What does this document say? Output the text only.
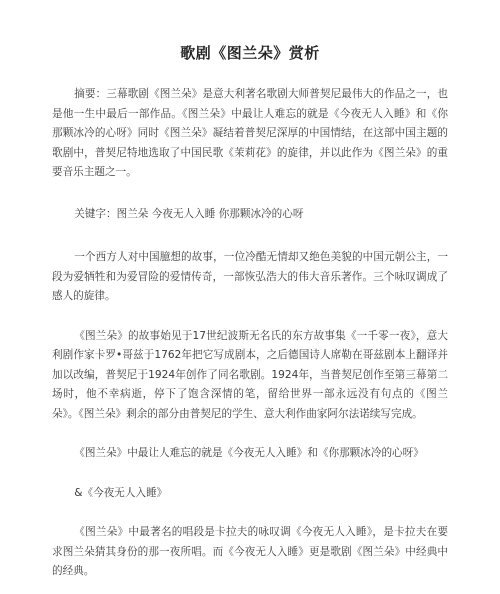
歌剧《图兰朵》赏析

摘要：三幕歌剧《图兰朵》是意大利著名歌剧大师普契尼最伟大的作品之一，也是他一生中最后一部作品。《图兰朵》中最让人难忘的就是《今夜无人入睡》和《你那颗冰冷的心呀》同时《图兰朵》凝结着普契尼深厚的中国情结，在这部中国主题的歌剧中，普契尼特地选取了中国民歌《茉莉花》的旋律，并以此作为《图兰朵》的重要音乐主题之一。

关键字：图兰朵 今夜无人入睡 你那颗冰冷的心呀

一个西方人对中国臆想的故事，一位冷酷无情却又绝色美貌的中国元朝公主，一段为爱牺牲和为爱冒险的爱情传奇，一部恢弘浩大的伟大音乐著作。三个咏叹调成了感人的旋律。

《图兰朵》的故事始见于17世纪波斯无名氏的东方故事集《一千零一夜》，意大利剧作家卡罗•哥兹于1762年把它写成剧本，之后德国诗人席勒在哥兹剧本上翻译并加以改编，普契尼于1924年创作了同名歌剧。1924年，当普契尼创作至第三幕第二场时，他不幸病逝，停下了饱含深情的笔，留给世界一部永远没有句点的《图兰朵》。《图兰朵》剩余的部分由普契尼的学生、意大利作曲家阿尔法诺续写完成。

《图兰朵》中最让人难忘的就是《今夜无人入睡》和《你那颗冰冷的心呀》

&《今夜无人入睡》

《图兰朵》中最著名的唱段是卡拉夫的咏叹调《今夜无人入睡》，是卡拉夫在要求图兰朵猜其身份的那一夜所唱。而《今夜无人入睡》更是歌剧《图兰朵》中经典中的经典。
